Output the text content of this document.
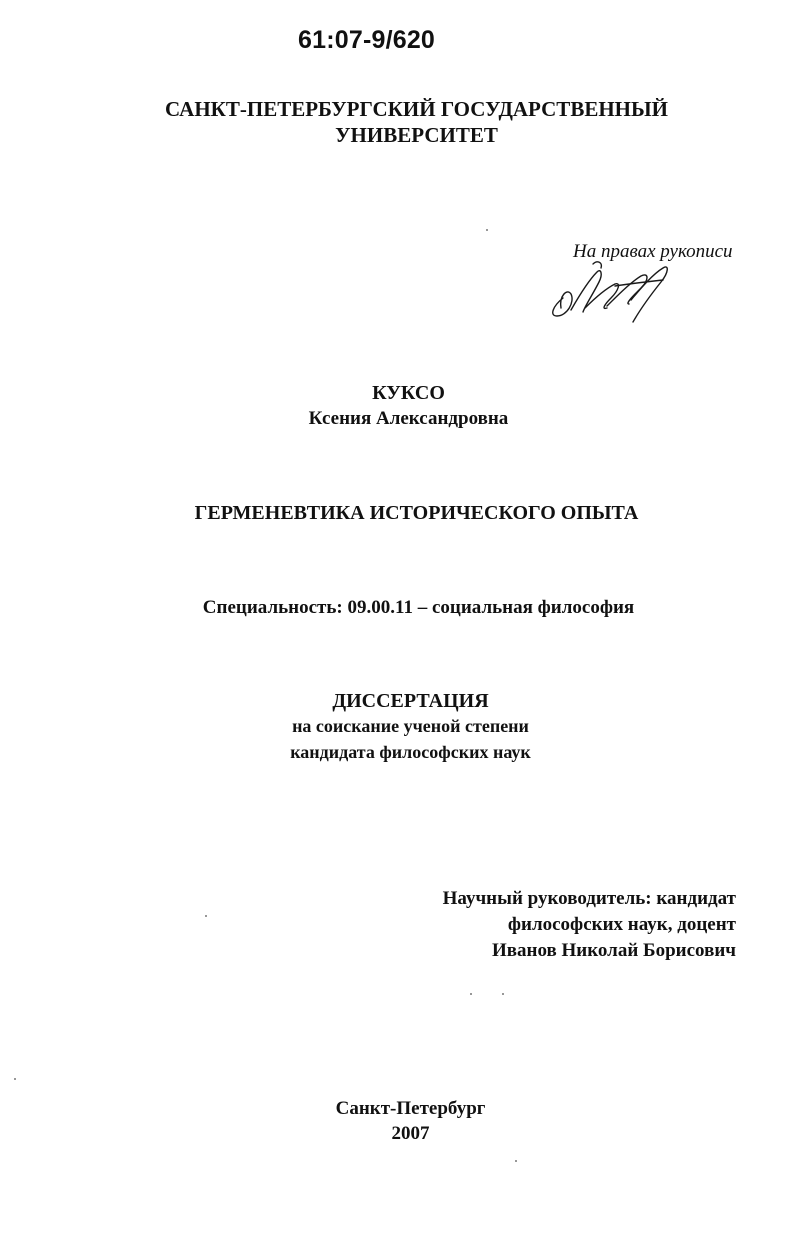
61:07-9/620
САНКТ-ПЕТЕРБУРГСКИЙ ГОСУДАРСТВЕННЫЙ
УНИВЕРСИТЕТ
На правах рукописи
КУКСО
Ксения Александровна
ГЕРМЕНЕВТИКА ИСТОРИЧЕСКОГО ОПЫТА
Специальность: 09.00.11 – социальная философия
ДИССЕРТАЦИЯ
на соискание ученой степени
кандидата философских наук
Научный руководитель: кандидат
философских наук, доцент
Иванов Николай Борисович
Санкт-Петербург
2007
